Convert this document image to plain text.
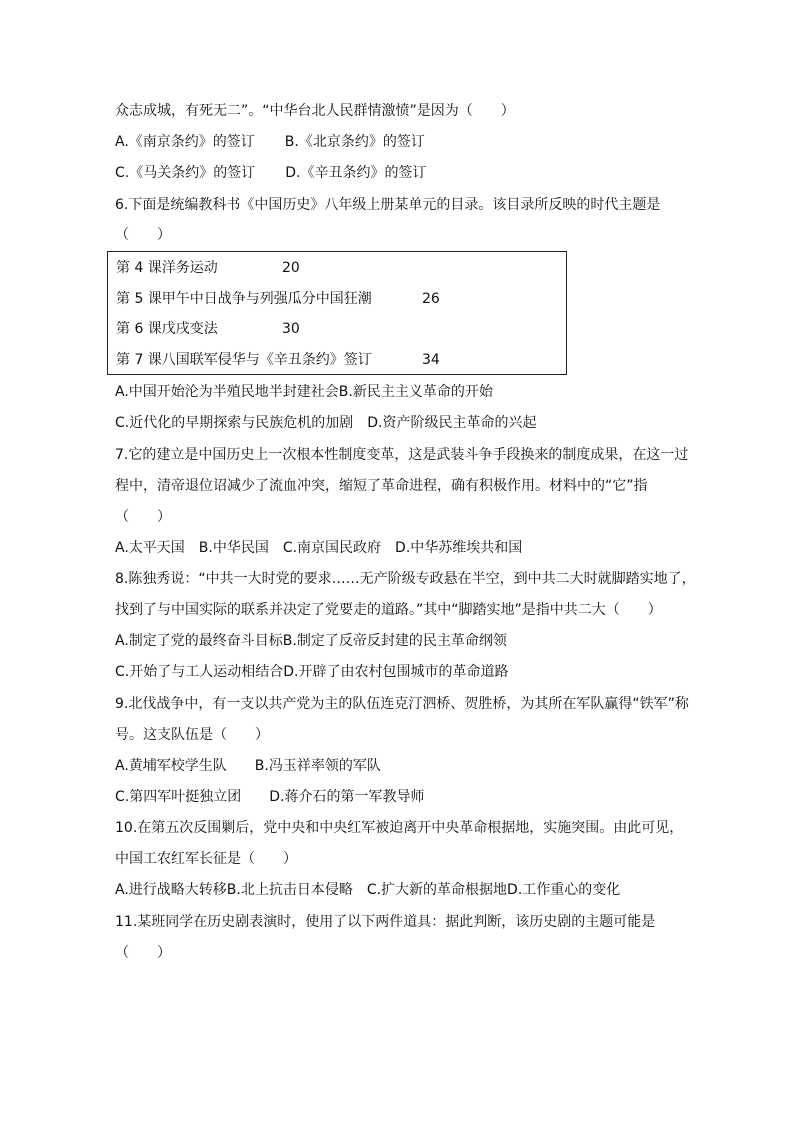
众志成城，有死无二”。“中华台北人民群情激愤”是因为（　　）
A.《南京条约》的签订 B.《北京条约》的签订
C.《马关条约》的签订 D.《辛丑条约》的签订
6.下面是统编教科书《中国历史》八年级上册某单元的目录。该目录所反映的时代主题是
（　　）
第 4 课洋务运动	20
第 5 课甲午中日战争与列强瓜分中国狂潮	26
第 6 课戊戌变法	30
第 7 课八国联军侵华与《辛丑条约》签订	34
A.中国开始沦为半殖民地半封建社会B.新民主主义革命的开始
C.近代化的早期探索与民族危机的加剧　D.资产阶级民主革命的兴起
7.它的建立是中国历史上一次根本性制度变革，这是武装斗争手段换来的制度成果，在这一过
程中，清帝退位诏减少了流血冲突，缩短了革命进程，确有积极作用。材料中的“它”指
（　　）
A.太平天国　B.中华民国　C.南京国民政府　D.中华苏维埃共和国
8.陈独秀说：“中共一大时党的要求……无产阶级专政悬在半空，到中共二大时就脚踏实地了，
找到了与中国实际的联系并决定了党要走的道路。”其中“脚踏实地”是指中共二大（　　）
A.制定了党的最终奋斗目标B.制定了反帝反封建的民主革命纲领
C.开始了与工人运动相结合D.开辟了由农村包围城市的革命道路
9.北伐战争中，有一支以共产党为主的队伍连克汀泗桥、贺胜桥，为其所在军队赢得“铁军”称
号。这支队伍是（　　）
A.黄埔军校学生队 B.冯玉祥率领的军队
C.第四军叶挺独立团 D.蒋介石的第一军教导师
10.在第五次反围剿后，党中央和中央红军被迫离开中央革命根据地，实施突围。由此可见，
中国工农红军长征是（　　）
A.进行战略大转移B.北上抗击日本侵略　C.扩大新的革命根据地D.工作重心的变化
11.某班同学在历史剧表演时，使用了以下两件道具：据此判断，该历史剧的主题可能是
（　　）
